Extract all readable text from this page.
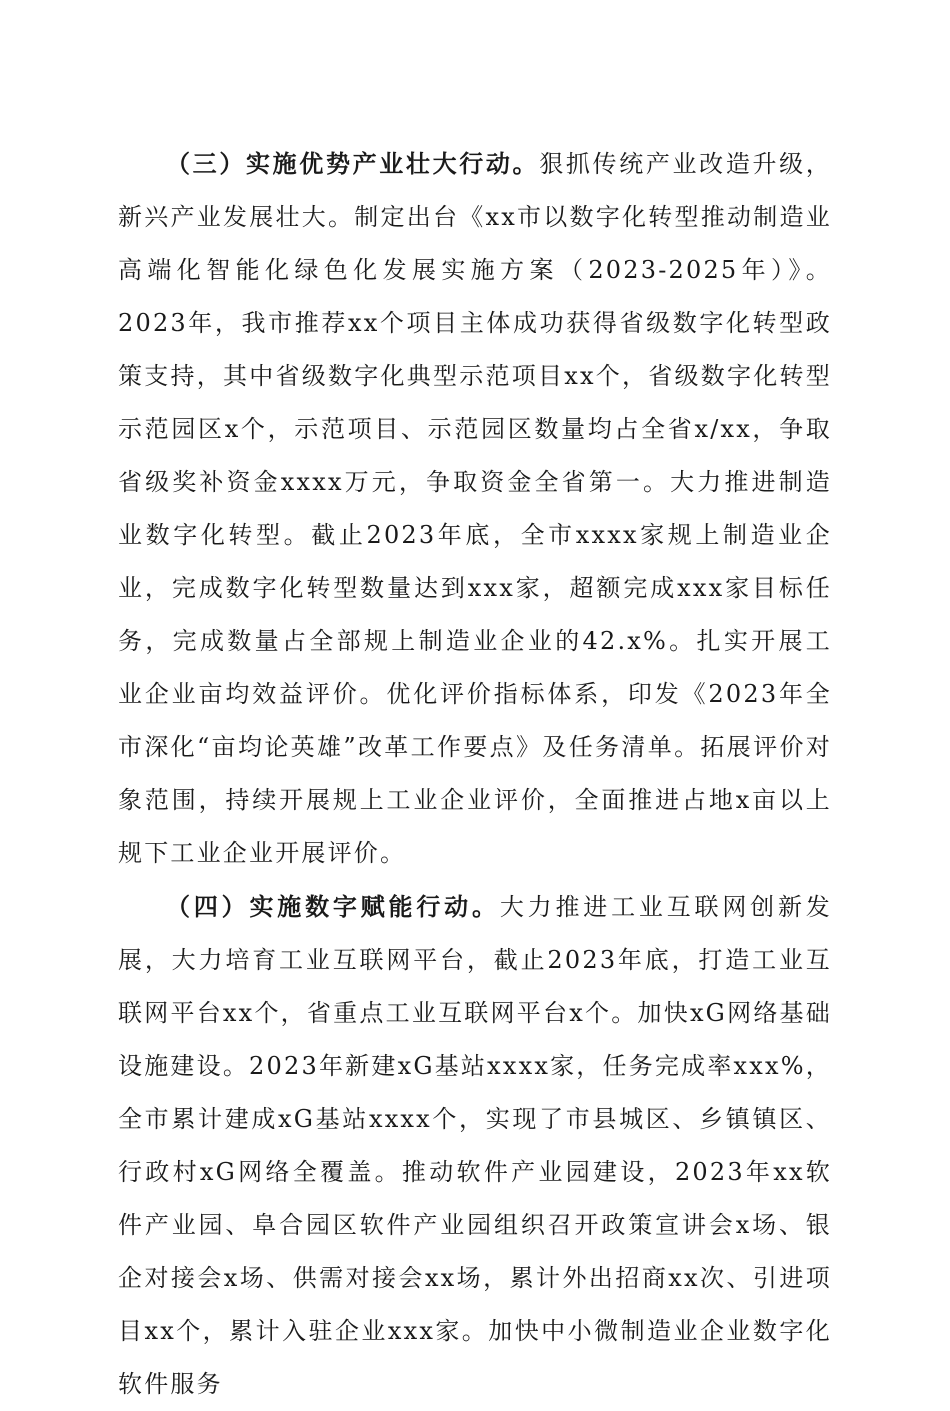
（三）实施优势产业壮大行动。狠抓传统产业改造升级，新兴产业发展壮大。制定出台《xx市以数字化转型推动制造业高端化智能化绿色化发展实施方案（2023-2025年）》。2023年，我市推荐xx个项目主体成功获得省级数字化转型政策支持，其中省级数字化典型示范项目xx个，省级数字化转型示范园区x个，示范项目、示范园区数量均占全省x/xx，争取省级奖补资金xxxx万元，争取资金全省第一。大力推进制造业数字化转型。截止2023年底，全市xxxx家规上制造业企业，完成数字化转型数量达到xxx家，超额完成xxx家目标任务，完成数量占全部规上制造业企业的42.x%。扎实开展工业企业亩均效益评价。优化评价指标体系，印发《2023年全市深化“亩均论英雄”改革工作要点》及任务清单。拓展评价对象范围，持续开展规上工业企业评价，全面推进占地x亩以上规下工业企业开展评价。

（四）实施数字赋能行动。大力推进工业互联网创新发展，大力培育工业互联网平台，截止2023年底，打造工业互联网平台xx个，省重点工业互联网平台x个。加快xG网络基础设施建设。2023年新建xG基站xxxx家，任务完成率xxx%，全市累计建成xG基站xxxx个，实现了市县城区、乡镇镇区、行政村xG网络全覆盖。推动软件产业园建设，2023年xx软件产业园、阜合园区软件产业园组织召开政策宣讲会x场、银企对接会x场、供需对接会xx场，累计外出招商xx次、引进项目xx个，累计入驻企业xxx家。加快中小微制造业企业数字化软件服务
